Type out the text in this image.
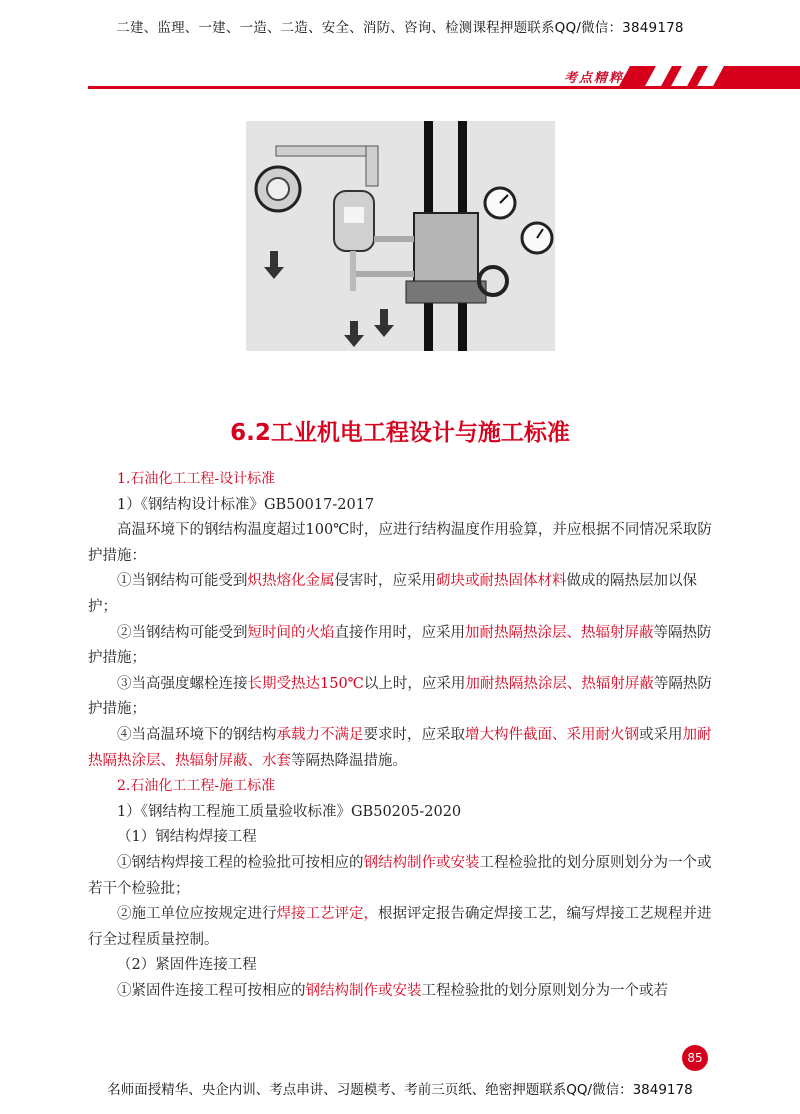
二建、监理、一建、一造、二造、安全、消防、咨询、检测课程押题联系QQ/微信：3849178
考点精粹
6.2工业机电工程设计与施工标准

1.石油化工工程-设计标准

1）《钢结构设计标准》GB50017-2017

高温环境下的钢结构温度超过100℃时，应进行结构温度作用验算，并应根据不同情况采取防护措施：

①当钢结构可能受到炽热熔化金属侵害时，应采用砌块或耐热固体材料做成的隔热层加以保护；

②当钢结构可能受到短时间的火焰直接作用时，应采用加耐热隔热涂层、热辐射屏蔽等隔热防护措施；

③当高强度螺栓连接长期受热达150℃以上时，应采用加耐热隔热涂层、热辐射屏蔽等隔热防护措施；

④当高温环境下的钢结构承载力不满足要求时，应采取增大构件截面、采用耐火钢或采用加耐热隔热涂层、热辐射屏蔽、水套等隔热降温措施。

2.石油化工工程-施工标准

1）《钢结构工程施工质量验收标准》GB50205-2020

（1）钢结构焊接工程

①钢结构焊接工程的检验批可按相应的钢结构制作或安装工程检验批的划分原则划分为一个或若干个检验批；

②施工单位应按规定进行焊接工艺评定，根据评定报告确定焊接工艺，编写焊接工艺规程并进行全过程质量控制。

（2）紧固件连接工程

①紧固件连接工程可按相应的钢结构制作或安装工程检验批的划分原则划分为一个或若

85
名师面授精华、央企内训、考点串讲、习题模考、考前三页纸、绝密押题联系QQ/微信：3849178
